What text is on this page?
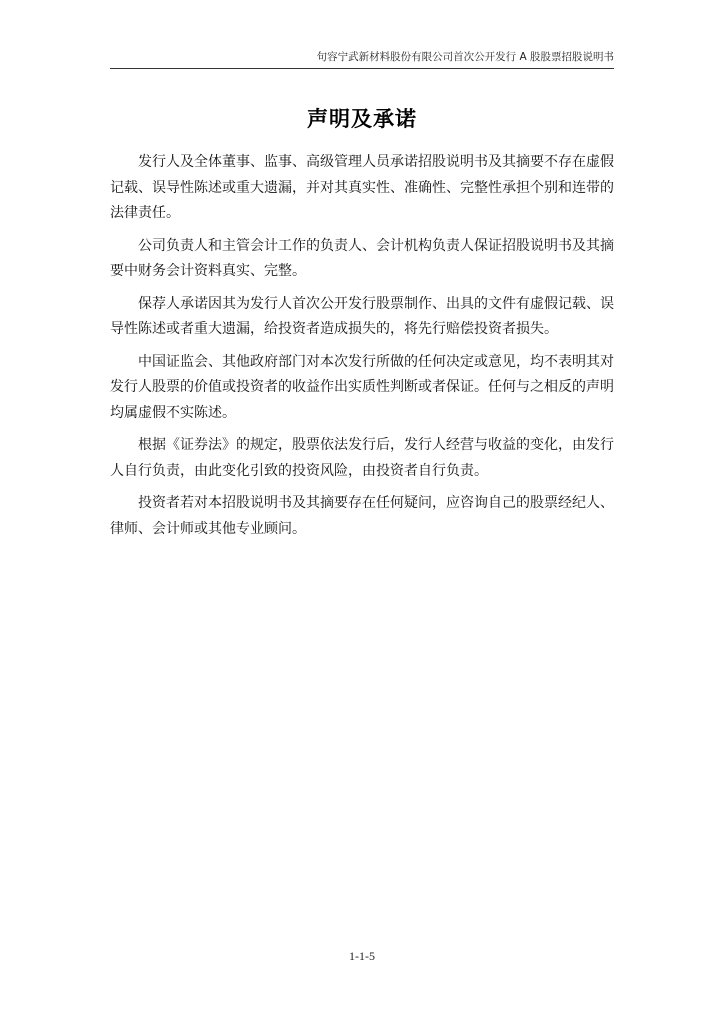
句容宁武新材料股份有限公司首次公开发行 A 股股票招股说明书
声明及承诺

发行人及全体董事、监事、高级管理人员承诺招股说明书及其摘要不存在虚假记载、误导性陈述或重大遗漏，并对其真实性、准确性、完整性承担个别和连带的法律责任。

公司负责人和主管会计工作的负责人、会计机构负责人保证招股说明书及其摘要中财务会计资料真实、完整。

保荐人承诺因其为发行人首次公开发行股票制作、出具的文件有虚假记载、误导性陈述或者重大遗漏，给投资者造成损失的，将先行赔偿投资者损失。

中国证监会、其他政府部门对本次发行所做的任何决定或意见，均不表明其对发行人股票的价值或投资者的收益作出实质性判断或者保证。任何与之相反的声明均属虚假不实陈述。

根据《证券法》的规定，股票依法发行后，发行人经营与收益的变化，由发行人自行负责，由此变化引致的投资风险，由投资者自行负责。

投资者若对本招股说明书及其摘要存在任何疑问，应咨询自己的股票经纪人、律师、会计师或其他专业顾问。

1-1-5
